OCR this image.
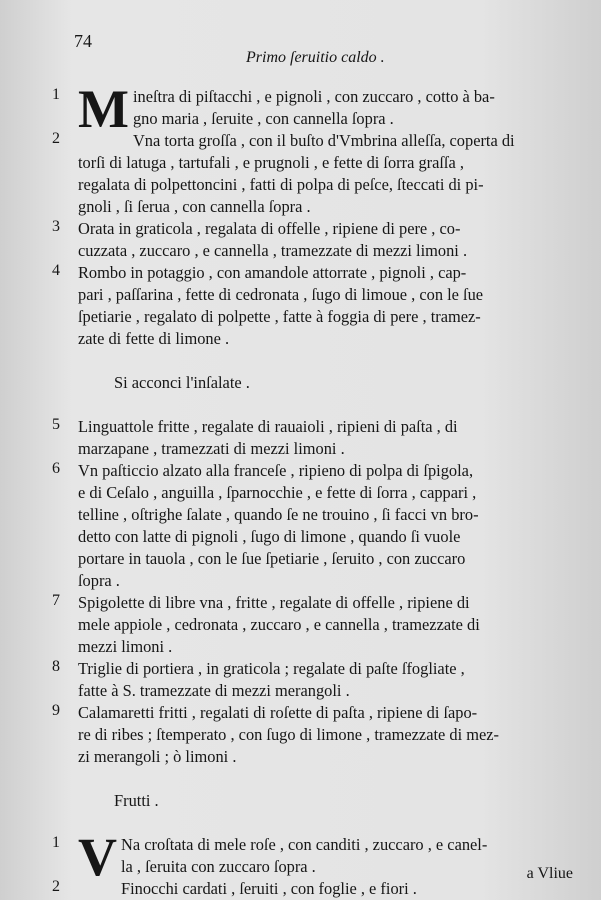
74
Primo ſeruitio caldo .
1 M ineſtra di piſtacchi , e pignoli , con zuccaro , cotto à ba-
gno maria , ſeruite , con cannella ſopra .
2	Vna torta groſſa , con il buſto d'Vmbrina alleſſa, coperta di
torſi di latuga , tartufali , e prugnoli , e fette di ſorra graſſa ,
regalata di polpettoncini , fatti di polpa di peſce, ſteccati di pi-
gnoli , ſi ſerua , con cannella ſopra .
3	Orata in graticola , regalata di offelle , ripiene di pere , co-
cuzzata , zuccaro , e cannella , tramezzate di mezzi limoni .
4	Rombo in potaggio , con amandole attorrate , pignoli , cap-
pari , paſſarina , fette di cedronata , ſugo di limoue , con le ſue
ſpetiarie , regalato di polpette , fatte à foggia di pere , tramez-
zate di fette di limone .
Si acconci l'inſalate .
5	Linguattole fritte , regalate di rauaioli , ripieni di paſta , di
marzapane , tramezzati di mezzi limoni .
6	Vn paſticcio alzato alla franceſe , ripieno di polpa di ſpigola,
e di Ceſalo , anguilla , ſparnocchie , e fette di ſorra , cappari ,
telline , oſtrighe ſalate , quando ſe ne trouino , ſi facci vn bro-
detto con latte di pignoli , ſugo di limone , quando ſi vuole
portare in tauola , con le ſue ſpetiarie , ſeruito , con zuccaro
ſopra .
7	Spigolette di libre vna , fritte , regalate di offelle , ripiene di
mele appiole , cedronata , zuccaro , e cannella , tramezzate di
mezzi limoni .
8	Triglie di portiera , in graticola ; regalate di paſte ſfogliate ,
fatte à S. tramezzate di mezzi merangoli .
9	Calamaretti fritti , regalati di roſette di paſta , ripiene di ſapo-
re di ribes ; ſtemperato , con ſugo di limone , tramezzate di mez-
zi merangoli ; ò limoni .
Frutti .
1 V Na croſtata di mele roſe , con canditi , zuccaro , e canel-
la , ſeruita con zuccaro ſopra .
2	Finocchi cardati , ſeruiti , con foglie , e fiori .
a Vliue
